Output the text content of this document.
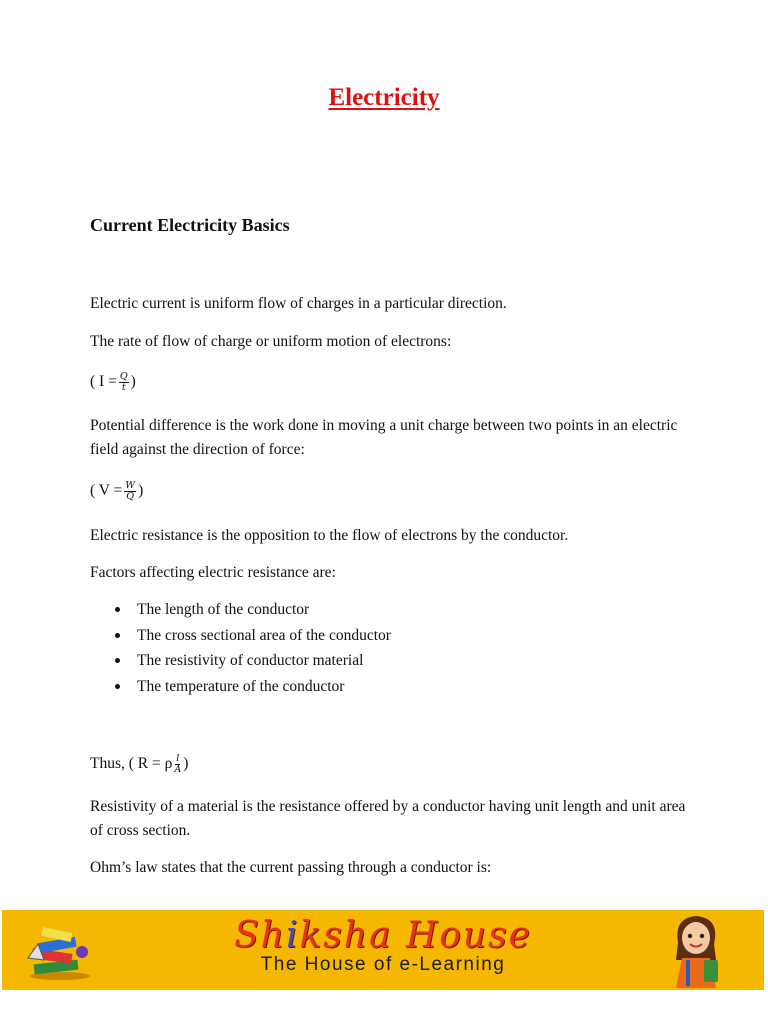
Electricity
Current Electricity Basics

Electric current is uniform flow of charges in a particular direction.

The rate of flow of charge or uniform motion of electrons:

( $I = \frac{Q}{t}$ )

Potential difference is the work done in moving a unit charge between two points in an electric field against the direction of force:

( $V = \frac{W}{Q}$ )

Electric resistance is the opposition to the flow of electrons by the conductor.

Factors affecting electric resistance are:

The length of the conductor
The cross sectional area of the conductor
The resistivity of conductor material
The temperature of the conductor
Thus, ( R = ρ $\frac{l}{A}$ )

Resistivity of a material is the resistance offered by a conductor having unit length and unit area of cross section.

Ohm’s law states that the current passing through a conductor is:

Shiksha House
The House of e-Learning
